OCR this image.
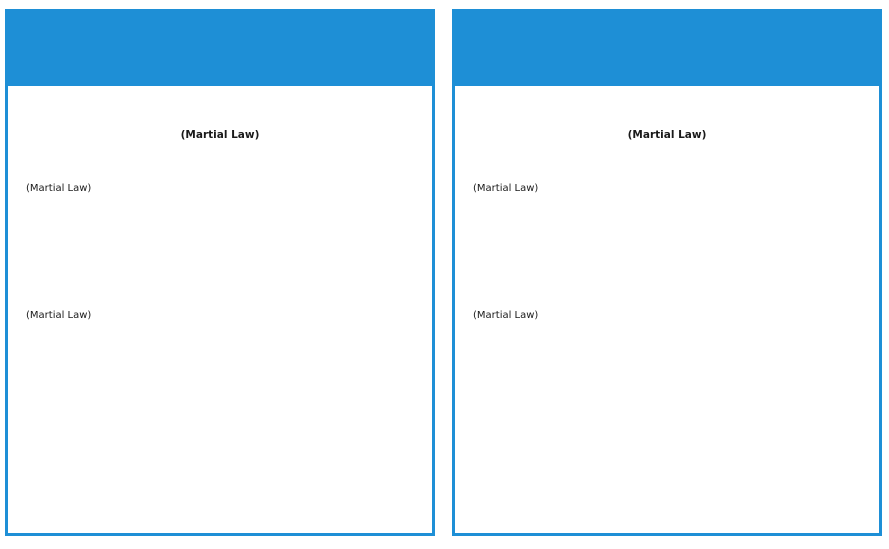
(Martial Law)

(Martial Law)

(Martial Law)

(Martial Law)

(Martial Law)

(Martial Law)
